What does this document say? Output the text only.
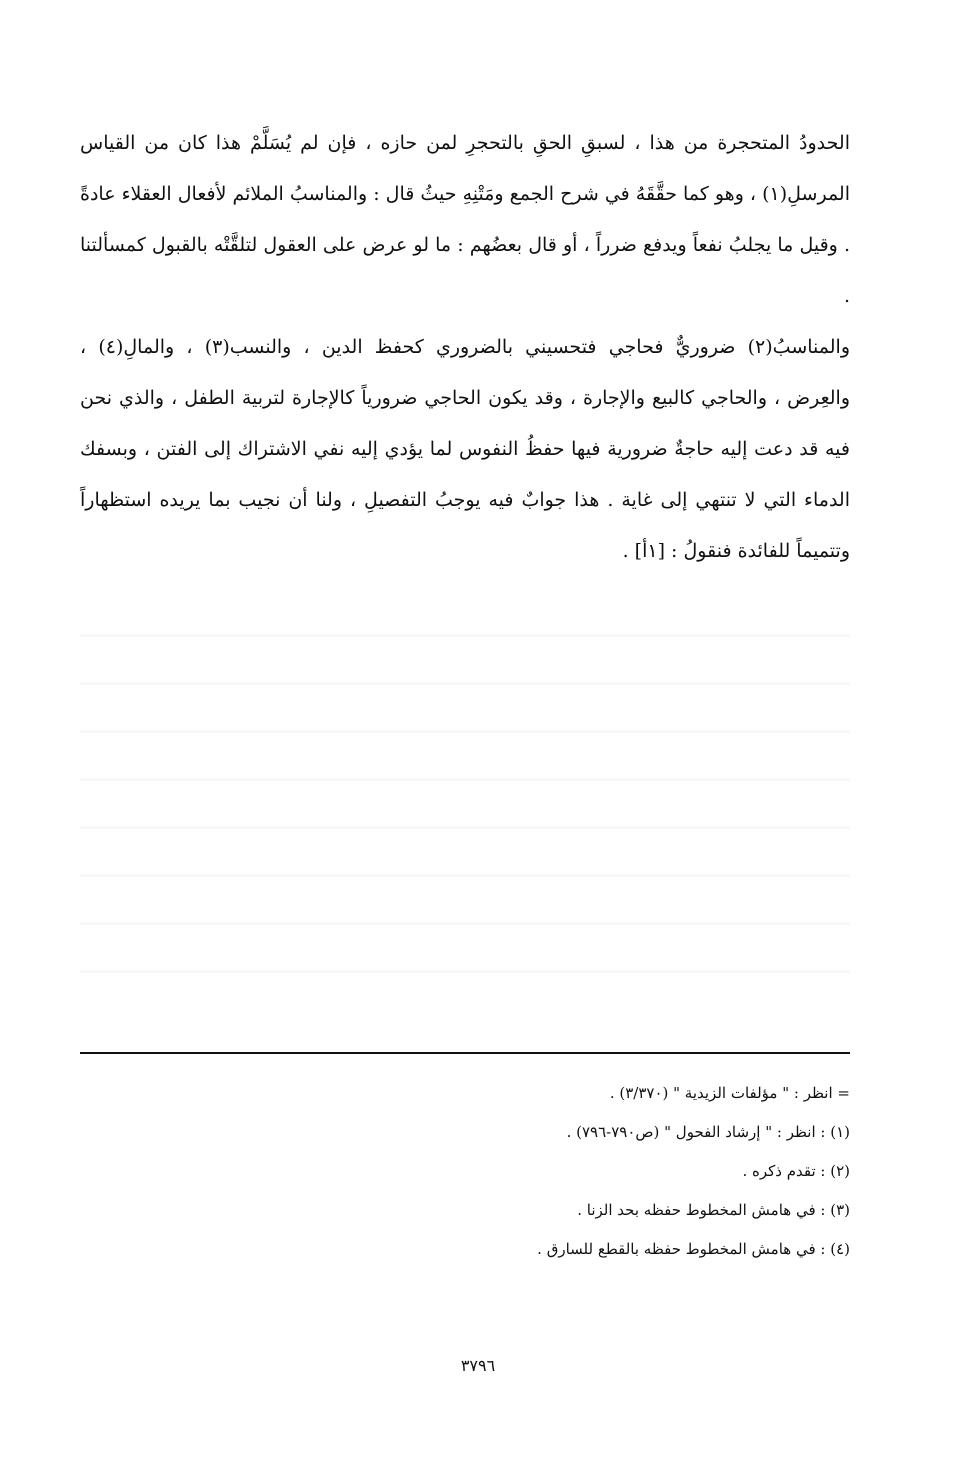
الحدودُ المتحجرة من هذا ، لسبقِ الحقِ بالتحجرِ لمن حازه ، فإن لم يُسَلَّمْ هذا كان من القياس المرسلِ(١) ، وهو كما حقَّقَهُ في شرح الجمع ومَتْنِهِ حيثُ قال : والمناسبُ الملائم لأفعال العقلاء عادةً . وقيل ما يجلبُ نفعاً ويدفع ضرراً ، أو قال بعضُهم : ما لو عرض على العقول لتلقَّتْه بالقبول كمسألتنا .

والمناسبُ(٢) ضروريٌّ فحاجي فتحسيني بالضروري كحفظ الدين ، والنسب(٣) ، والمالِ(٤) ، والعِرض ، والحاجي كالبيع والإجارة ، وقد يكون الحاجي ضرورياً كالإجارة لتربية الطفل ، والذي نحن فيه قد دعت إليه حاجةٌ ضرورية فيها حفظُ النفوس لما يؤدي إليه نفي الاشتراك إلى الفتن ، وبسفك الدماء التي لا تنتهي إلى غاية . هذا جوابٌ فيه يوجبُ التفصيلِ ، ولنا أن نجيب بما يريده استظهاراً وتتميماً للفائدة فنقولُ : [١أ] .

= انظر : " مؤلفات الزيدية " (٣/٣٧٠) .

(١) : انظر : " إرشاد الفحول " (ص٧٩٠-٧٩٦) .

(٢) : تقدم ذكره .

(٣) : في هامش المخطوط حفظه بحد الزنا .

(٤) : في هامش المخطوط حفظه بالقطع للسارق .

٣٧٩٦
